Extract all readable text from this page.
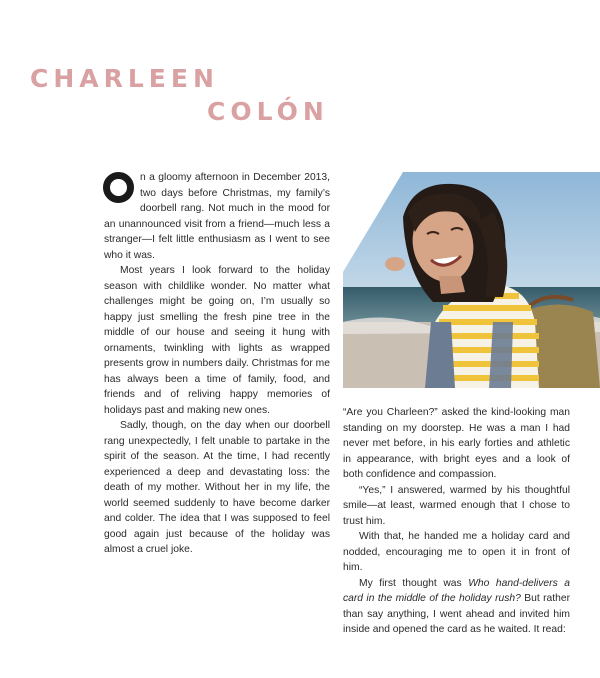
CHARLEEN
COLÓN

n a gloomy afternoon in December 2013, two days before Christmas, my family’s doorbell rang. Not much in the mood for an unannounced visit from a friend—much less a stranger—I felt little enthusiasm as I went to see who it was.

Most years I look forward to the holiday season with childlike wonder. No matter what challenges might be going on, I’m usually so happy just smelling the fresh pine tree in the middle of our house and seeing it hung with ornaments, twinkling with lights as wrapped presents grow in numbers daily. Christmas for me has always been a time of family, food, and friends and of reliving happy memories of holidays past and making new ones.

Sadly, though, on the day when our doorbell rang unexpectedly, I felt unable to partake in the spirit of the season. At the time, I had recently experienced a deep and devastating loss: the death of my mother. Without her in my life, the world seemed suddenly to have become darker and colder. The idea that I was supposed to feel good again just because of the holiday was almost a cruel joke.

“Are you Charleen?” asked the kind-looking man standing on my doorstep. He was a man I had never met before, in his early forties and athletic in appearance, with bright eyes and a look of both confidence and compassion.

“Yes,” I answered, warmed by his thoughtful smile—at least, warmed enough that I chose to trust him.

With that, he handed me a holiday card and nodded, encouraging me to open it in front of him.

My first thought was Who hand-delivers a card in the middle of the holiday rush? But rather than say anything, I went ahead and invited him inside and opened the card as he waited. It read:
